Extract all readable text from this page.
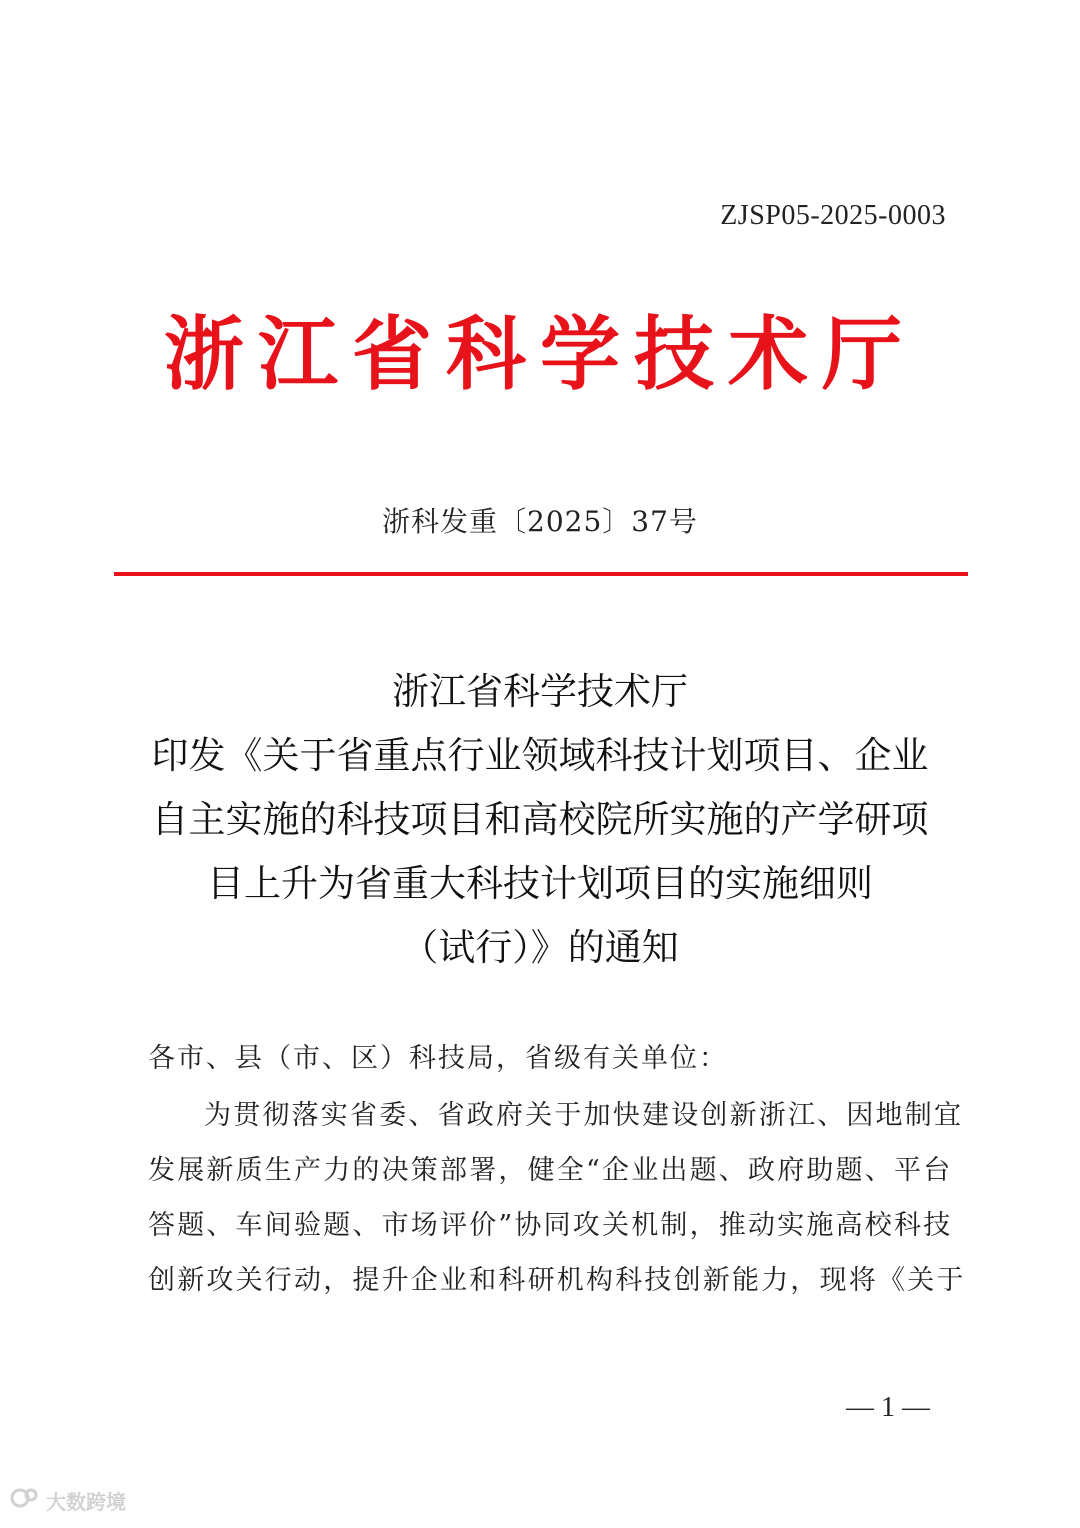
ZJSP05-2025-0003
浙江省科学技术厅
浙科发重〔2025〕37号
浙江省科学技术厅
印发《关于省重点行业领域科技计划项目、企业
自主实施的科技项目和高校院所实施的产学研项
目上升为省重大科技计划项目的实施细则
（试行）》的通知
各市、县（市、区）科技局，省级有关单位：
为贯彻落实省委、省政府关于加快建设创新浙江、因地制宜
发展新质生产力的决策部署，健全“企业出题、政府助题、平台
答题、车间验题、市场评价”协同攻关机制，推动实施高校科技
创新攻关行动，提升企业和科研机构科技创新能力，现将《关于
— 1 —
大数跨境
